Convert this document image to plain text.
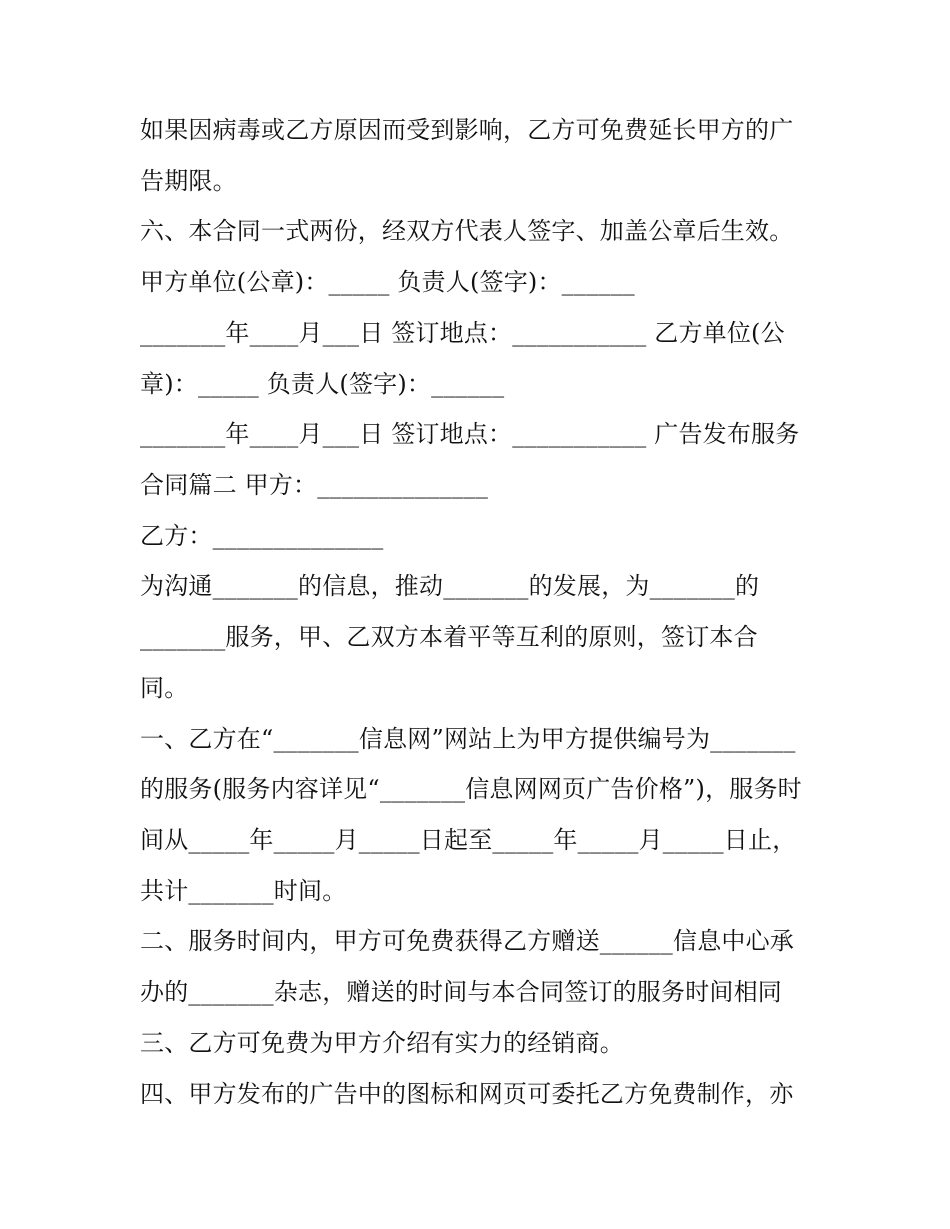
如果因病毒或乙方原因而受到影响，乙方可免费延长甲方的广
告期限。
六、本合同一式两份，经双方代表人签字、加盖公章后生效。
甲方单位(公章)：_____ 负责人(签字)：______
_______年____月___日 签订地点：___________ 乙方单位(公
章)：_____ 负责人(签字)：______
_______年____月___日 签订地点：___________ 广告发布服务
合同篇二 甲方：______________
乙方：______________
为沟通_______的信息，推动_______的发展，为_______的
_______服务，甲、乙双方本着平等互利的原则，签订本合
同。
一、乙方在“_______信息网”网站上为甲方提供编号为_______
的服务(服务内容详见“_______信息网网页广告价格”)，服务时
间从_____年_____月_____日起至_____年_____月_____日止，
共计_______时间。
二、服务时间内，甲方可免费获得乙方赠送______信息中心承
办的_______杂志，赠送的时间与本合同签订的服务时间相同
三、乙方可免费为甲方介绍有实力的经销商。
四、甲方发布的广告中的图标和网页可委托乙方免费制作，亦
